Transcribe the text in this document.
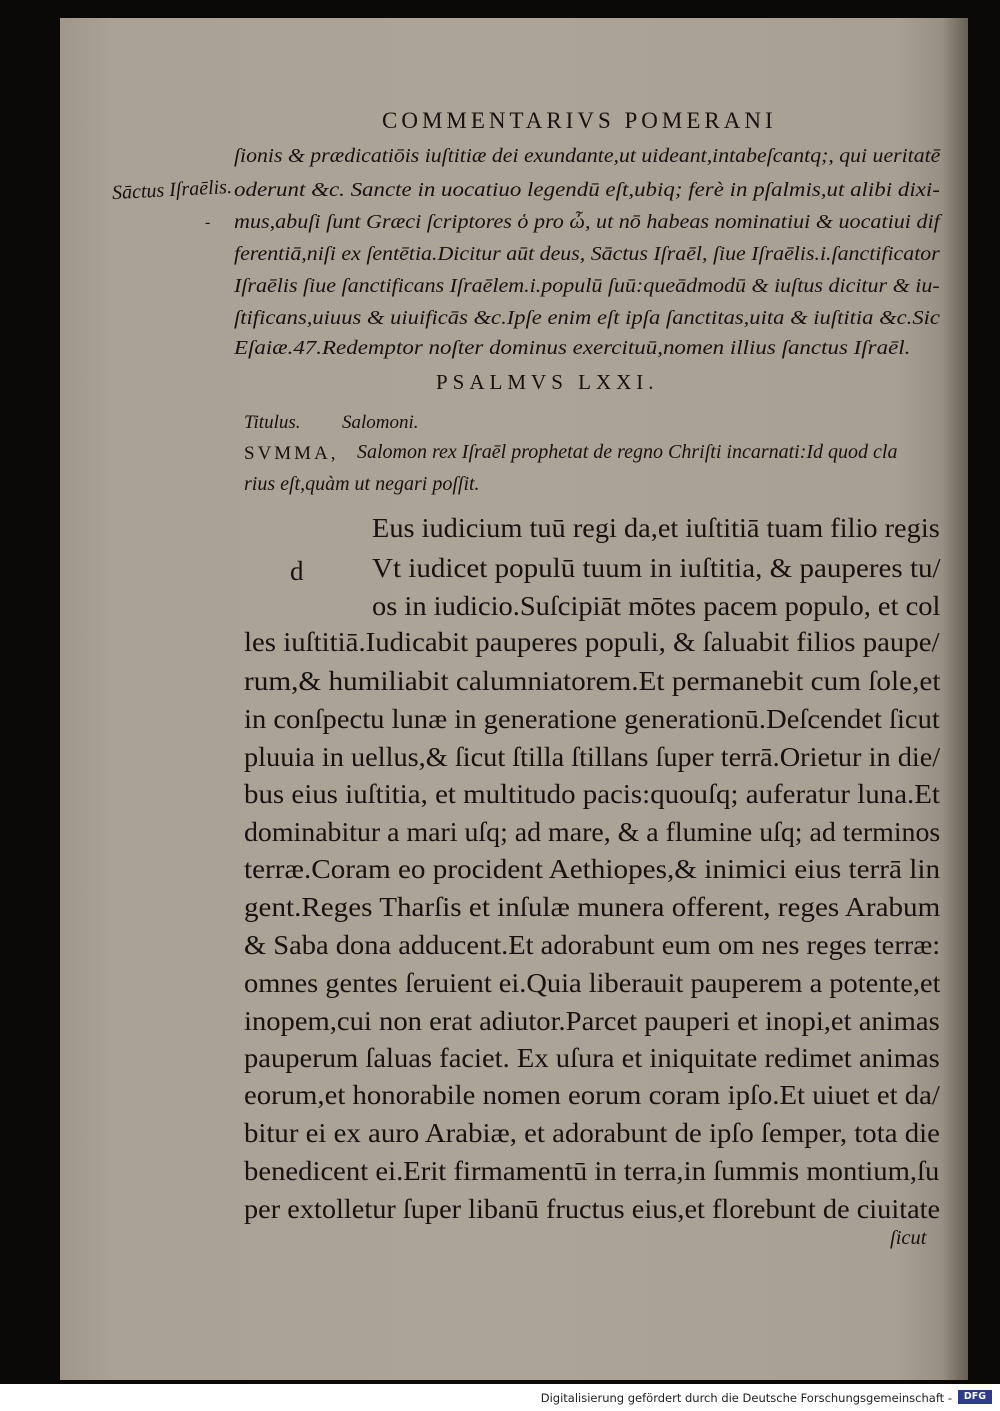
COMMENTARIVS POMERANI
Sāctus Iſraēlis.
-
ſionis & prædicatiōis iuſtitiæ dei exundante,ut uideant,intabeſcantq;, qui ueritatē
oderunt &c. Sancte in uocatiuo legendū eſt,ubiq; ferè in pſalmis,ut alibi dixi-
mus,abuſi ſunt Græci ſcriptores ὁ pro ὦ, ut nō habeas nominatiui & uocatiui dif
ferentiā,niſi ex ſentētia.Dicitur aūt deus, Sāctus Iſraēl, ſiue Iſraēlis.i.ſanctificator
Iſraēlis ſiue ſanctificans Iſraēlem.i.populū ſuū:queādmodū & iuſtus dicitur & iu-
ſtificans,uiuus & uiuificās &c.Ipſe enim eſt ipſa ſanctitas,uita & iuſtitia &c.Sic
Eſaiæ.47.Redemptor noſter dominus exercituū,nomen illius ſanctus Iſraēl.
PSALMVS LXXI.
Titulus. Salomoni.
SVMMA, Salomon rex Iſraēl prophetat de regno Chriſti incarnati:Id quod cla
rius eſt,quàm ut negari poſſit.
d
Eus iudicium tuū regi da,et iuſtitiā tuam filio regis
Vt iudicet populū tuum in iuſtitia, & pauperes tu/
os in iudicio.Suſcipiāt mōtes pacem populo, et col
les iuſtitiā.Iudicabit pauperes populi, & ſaluabit filios paupe/
rum,& humiliabit calumniatorem.Et permanebit cum ſole,et
in conſpectu lunæ in generatione generationū.Deſcendet ſicut
pluuia in uellus,& ſicut ſtilla ſtillans ſuper terrā.Orietur in die/
bus eius iuſtitia, et multitudo pacis:quouſq; auferatur luna.Et
dominabitur a mari uſq; ad mare, & a flumine uſq; ad terminos
terræ.Coram eo procident Aethiopes,& inimici eius terrā lin
gent.Reges Tharſis et inſulæ munera offerent, reges Arabum
& Saba dona adducent.Et adorabunt eum om nes reges terræ:
omnes gentes ſeruient ei.Quia liberauit pauperem a potente,et
inopem,cui non erat adiutor.Parcet pauperi et inopi,et animas
pauperum ſaluas faciet. Ex uſura et iniquitate redimet animas
eorum,et honorabile nomen eorum coram ipſo.Et uiuet et da/
bitur ei ex auro Arabiæ, et adorabunt de ipſo ſemper, tota die
benedicent ei.Erit firmamentū in terra,in ſummis montium,ſu
per extolletur ſuper libanū fructus eius,et florebunt de ciuitate
ſicut
Digitalisierung gefördert durch die Deutsche Forschungsgemeinschaft -	DFG
